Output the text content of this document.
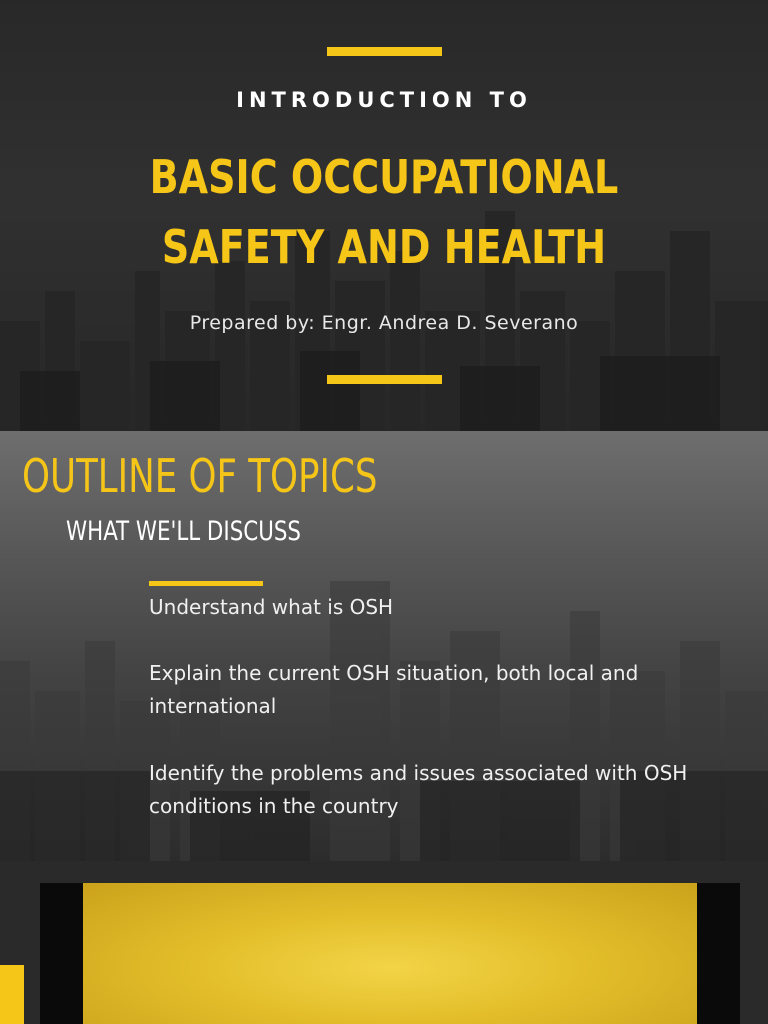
INTRODUCTION TO
BASIC OCCUPATIONAL
SAFETY AND HEALTH
Prepared by: Engr. Andrea D. Severano
OUTLINE OF TOPICS
WHAT WE'LL DISCUSS

Understand what is OSH

Explain the current OSH situation, both local and international

Identify the problems and issues associated with OSH conditions in the country
